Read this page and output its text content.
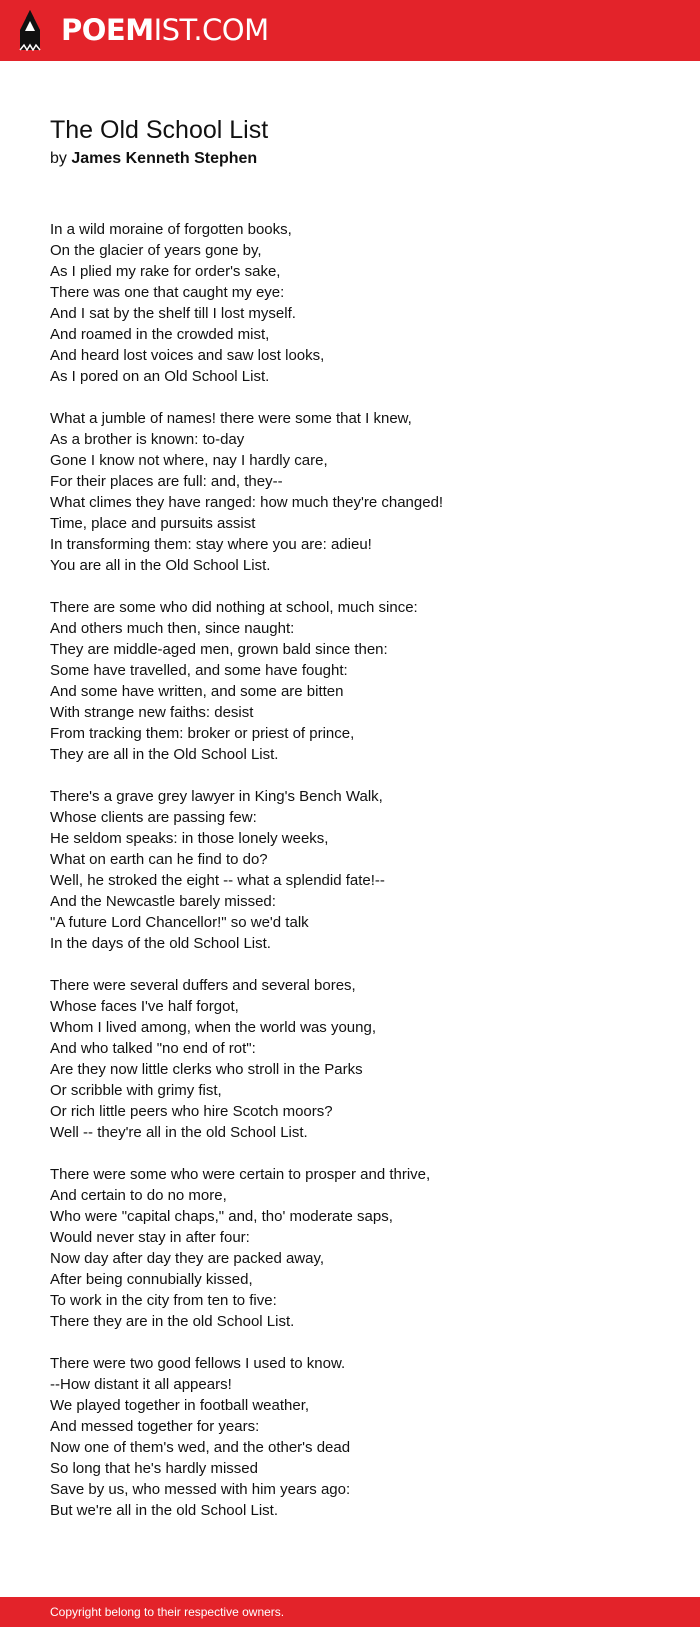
POEMIST.COM
The Old School List
by James Kenneth Stephen
In a wild moraine of forgotten books,
On the glacier of years gone by,
As I plied my rake for order's sake,
There was one that caught my eye:
And I sat by the shelf till I lost myself.
And roamed in the crowded mist,
And heard lost voices and saw lost looks,
As I pored on an Old School List.
What a jumble of names! there were some that I knew,
As a brother is known: to-day
Gone I know not where, nay I hardly care,
For their places are full: and, they--
What climes they have ranged: how much they're changed!
Time, place and pursuits assist
In transforming them: stay where you are: adieu!
You are all in the Old School List.
There are some who did nothing at school, much since:
And others much then, since naught:
They are middle-aged men, grown bald since then:
Some have travelled, and some have fought:
And some have written, and some are bitten
With strange new faiths: desist
From tracking them: broker or priest of prince,
They are all in the Old School List.
There's a grave grey lawyer in King's Bench Walk,
Whose clients are passing few:
He seldom speaks: in those lonely weeks,
What on earth can he find to do?
Well, he stroked the eight -- what a splendid fate!--
And the Newcastle barely missed:
"A future Lord Chancellor!" so we'd talk
In the days of the old School List.
There were several duffers and several bores,
Whose faces I've half forgot,
Whom I lived among, when the world was young,
And who talked "no end of rot":
Are they now little clerks who stroll in the Parks
Or scribble with grimy fist,
Or rich little peers who hire Scotch moors?
Well -- they're all in the old School List.
There were some who were certain to prosper and thrive,
And certain to do no more,
Who were "capital chaps," and, tho' moderate saps,
Would never stay in after four:
Now day after day they are packed away,
After being connubially kissed,
To work in the city from ten to five:
There they are in the old School List.
There were two good fellows I used to know.
--How distant it all appears!
We played together in football weather,
And messed together for years:
Now one of them's wed, and the other's dead
So long that he's hardly missed
Save by us, who messed with him years ago:
But we're all in the old School List.
Copyright belong to their respective owners.
